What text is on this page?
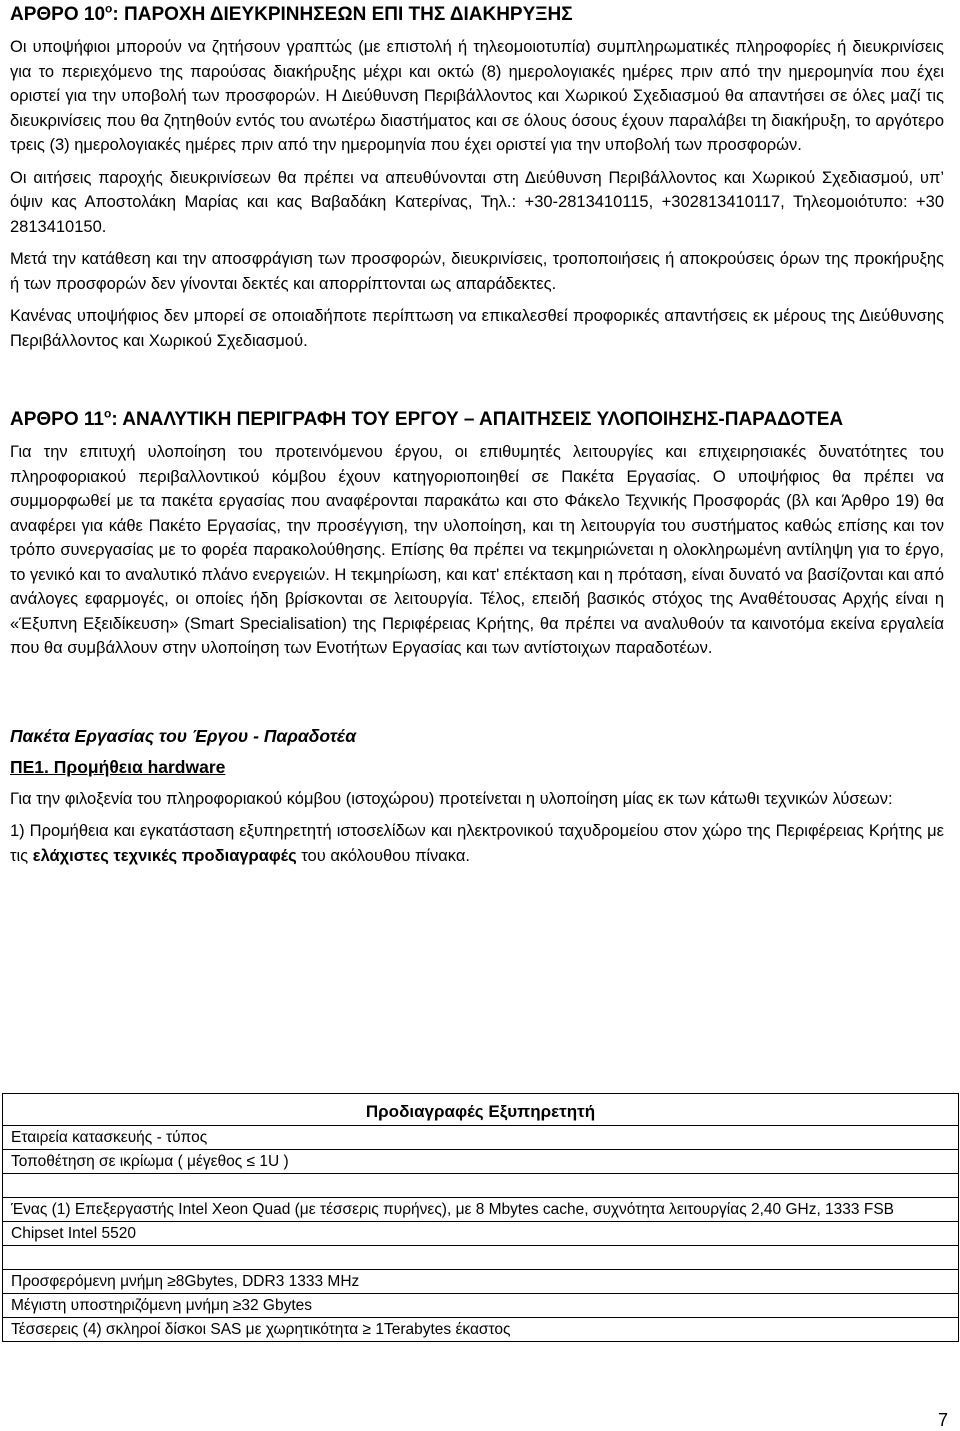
ΑΡΘΡΟ $10^o$: ΠΑΡΟΧΗ ΔΙΕΥΚΡΙΝΗΣΕΩΝ ΕΠΙ ΤΗΣ ΔΙΑΚΗΡΥΞΗΣ

Οι υποψήφιοι μπορούν να ζητήσουν γραπτώς (με επιστολή ή τηλεομοιοτυπία) συμπληρωματικές πληροφορίες ή διευκρινίσεις για το περιεχόμενο της παρούσας διακήρυξης μέχρι και οκτώ (8) ημερολογιακές ημέρες πριν από την ημερομηνία που έχει οριστεί για την υποβολή των προσφορών. Η Διεύθυνση Περιβάλλοντος και Χωρικού Σχεδιασμού θα απαντήσει σε όλες μαζί τις διευκρινίσεις που θα ζητηθούν εντός του ανωτέρω διαστήματος και σε όλους όσους έχουν παραλάβει τη διακήρυξη, το αργότερο τρεις (3) ημερολογιακές ημέρες πριν από την ημερομηνία που έχει οριστεί για την υποβολή των προσφορών.

Οι αιτήσεις παροχής διευκρινίσεων θα πρέπει να απευθύνονται στη Διεύθυνση Περιβάλλοντος και Χωρικού Σχεδιασμού, υπ’ όψιν κας Αποστολάκη Μαρίας και κας Βαβαδάκη Κατερίνας, Τηλ.: +30-2813410115, +302813410117, Τηλεομοιότυπο: +30 2813410150.

Μετά την κατάθεση και την αποσφράγιση των προσφορών, διευκρινίσεις, τροποποιήσεις ή αποκρούσεις όρων της προκήρυξης ή των προσφορών δεν γίνονται δεκτές και απορρίπτονται ως απαράδεκτες.

Κανένας υποψήφιος δεν μπορεί σε οποιαδήποτε περίπτωση να επικαλεσθεί προφορικές απαντήσεις εκ μέρους της Διεύθυνσης Περιβάλλοντος και Χωρικού Σχεδιασμού.

ΑΡΘΡΟ $11^o$: ΑΝΑΛΥΤΙΚΗ ΠΕΡΙΓΡΑΦΗ ΤΟΥ ΕΡΓΟΥ – ΑΠΑΙΤΗΣΕΙΣ ΥΛΟΠΟΙΗΣΗΣ-ΠΑΡΑΔΟΤΕΑ

Για την επιτυχή υλοποίηση του προτεινόμενου έργου, οι επιθυμητές λειτουργίες και επιχειρησιακές δυνατότητες του πληροφοριακού περιβαλλοντικού κόμβου έχουν κατηγοριοποιηθεί σε Πακέτα Εργασίας. Ο υποψήφιος θα πρέπει να συμμορφωθεί με τα πακέτα εργασίας που αναφέρονται παρακάτω και στο Φάκελο Τεχνικής Προσφοράς (βλ και Άρθρο 19) θα αναφέρει για κάθε Πακέτο Εργασίας, την προσέγγιση, την υλοποίηση, και τη λειτουργία του συστήματος καθώς επίσης και τον τρόπο συνεργασίας με το φορέα παρακολούθησης. Επίσης θα πρέπει να τεκμηριώνεται η ολοκληρωμένη αντίληψη για το έργο, το γενικό και το αναλυτικό πλάνο ενεργειών. Η τεκμηρίωση, και κατ' επέκταση και η πρόταση, είναι δυνατό να βασίζονται και από ανάλογες εφαρμογές, οι οποίες ήδη βρίσκονται σε λειτουργία. Τέλος, επειδή βασικός στόχος της Αναθέτουσας Αρχής είναι η «Έξυπνη Εξειδίκευση» (Smart Specialisation) της Περιφέρειας Κρήτης, θα πρέπει να αναλυθούν τα καινοτόμα εκείνα εργαλεία που θα συμβάλλουν στην υλοποίηση των Ενοτήτων Εργασίας και των αντίστοιχων παραδοτέων.

Πακέτα Εργασίας του Έργου - Παραδοτέα
ΠΕ1. Προμήθεια hardware

Για την φιλοξενία του πληροφοριακού κόμβου (ιστοχώρου) προτείνεται η υλοποίηση μίας εκ των κάτωθι τεχνικών λύσεων:

1) Προμήθεια και εγκατάσταση εξυπηρετητή ιστοσελίδων και ηλεκτρονικού ταχυδρομείου στον χώρο της Περιφέρειας Κρήτης με τις ελάχιστες τεχνικές προδιαγραφές του ακόλουθου πίνακα.

Προδιαγραφές Εξυπηρετητή
Εταιρεία κατασκευής - τύπος
Τοποθέτηση σε ικρίωμα ( μέγεθος ≤ 1U )

Ένας (1) Επεξεργαστής Intel Xeon Quad (με τέσσερις πυρήνες), με 8 Mbytes cache, συχνότητα λειτουργίας 2,40 GHz, 1333 FSB
Chipset Intel 5520

Προσφερόμενη μνήμη ≥8Gbytes, DDR3 1333 MHz
Μέγιστη υποστηριζόμενη μνήμη ≥32 Gbytes
Τέσσερεις (4) σκληροί δίσκοι SAS με χωρητικότητα ≥ 1Terabytes έκαστος
7
